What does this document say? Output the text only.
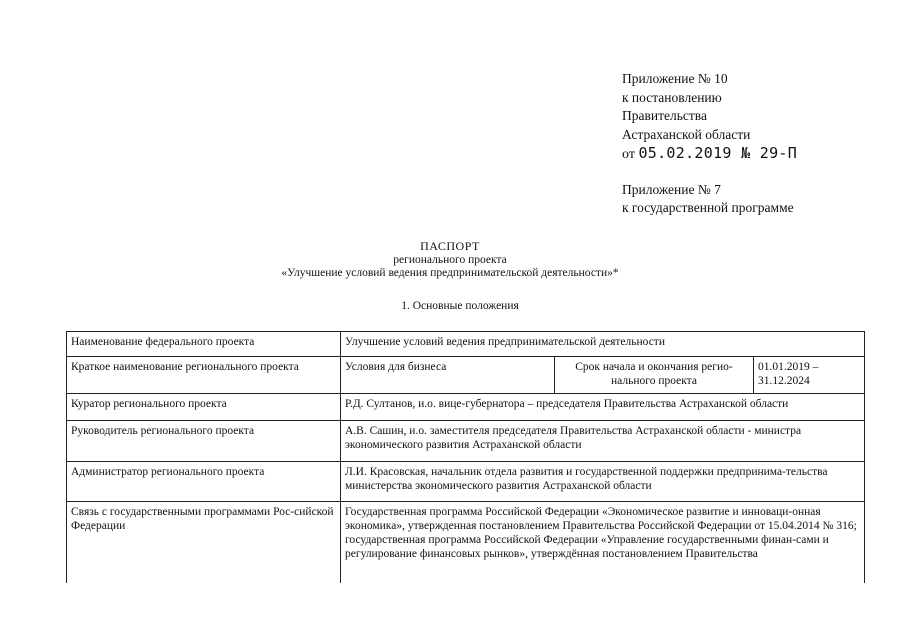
Приложение № 10
к постановлению
Правительства
Астраханской области
от 05.02.2019 № 29-П
Приложение № 7
к государственной программе
ПАСПОРТ
регионального проекта
«Улучшение условий ведения предпринимательской деятельности»*
1. Основные положения
Наименование федерального проекта	Улучшение условий ведения предпринимательской деятельности		
Краткое наименование регионального проекта	Условия для бизнеса	Срок начала и окончания регио-нального проекта	01.01.2019 – 31.12.2024
Куратор регионального проекта	Р.Д. Султанов, и.о. вице-губернатора – председателя Правительства Астраханской области		
Руководитель регионального проекта	А.В. Сашин, и.о. заместителя председателя Правительства Астраханской области - министра экономического развития Астраханской области		
Администратор регионального проекта	Л.И. Красовская, начальник отдела развития и государственной поддержки предпринима-тельства министерства экономического развития Астраханской области		
Связь с государственными программами Рос-сийской Федерации	Государственная программа Российской Федерации «Экономическое развитие и инноваци-онная экономика», утвержденная постановлением Правительства Российской Федерации от 15.04.2014 № 316;
государственная программа Российской Федерации «Управление государственными финан-сами и регулирование финансовых рынков», утверждённая постановлением Правительства		
